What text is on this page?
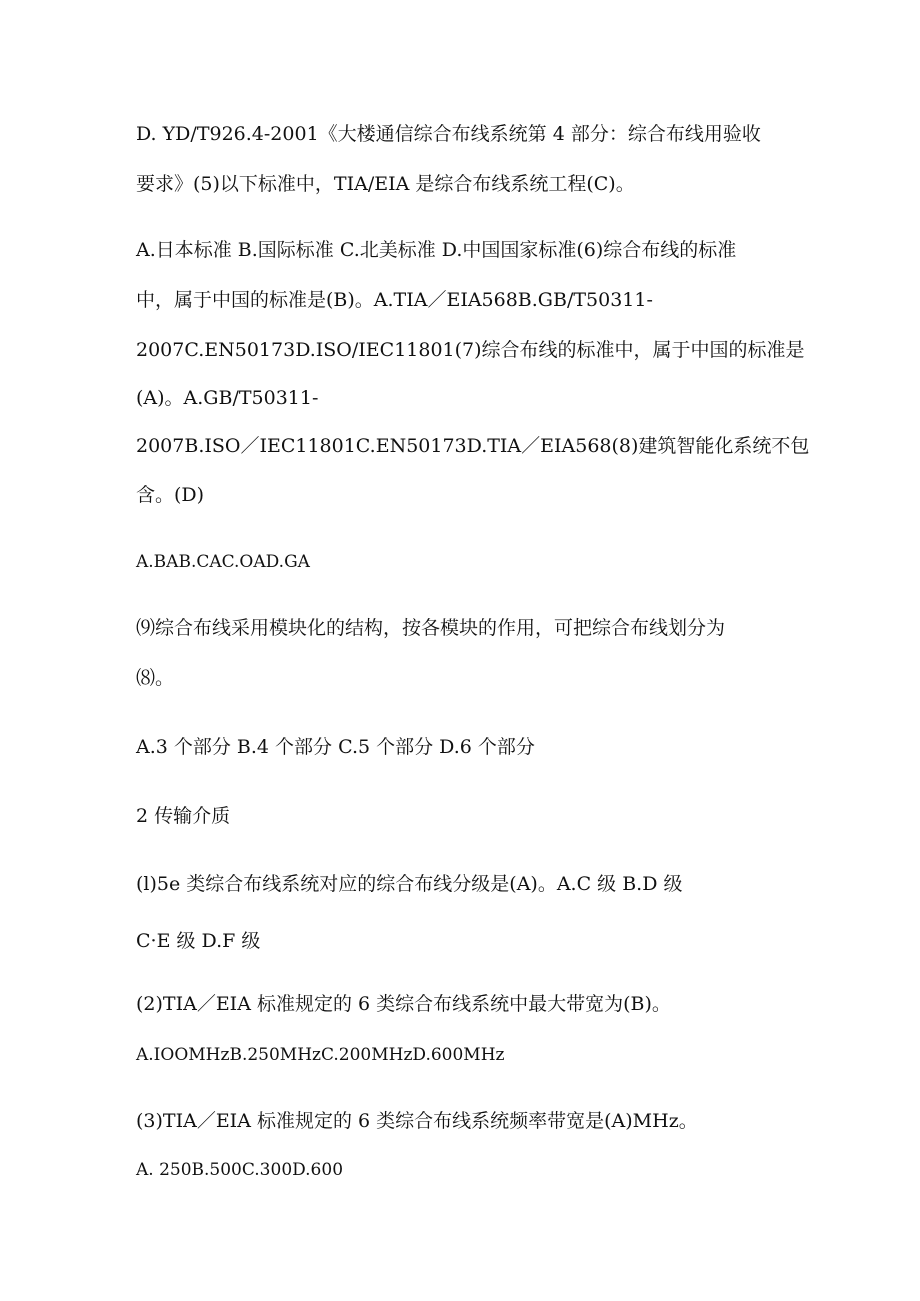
D. YD/T926.4-2001《大楼通信综合布线系统第 4 部分：综合布线用验收
要求》(5)以下标准中，TIA/EIA 是综合布线系统工程(C)。
A.日本标准 B.国际标准 C.北美标准 D.中国国家标准(6)综合布线的标准
中，属于中国的标准是(B)。A.TIA／EIA568B.GB/T50311-
2007C.EN50173D.ISO/IEC11801(7)综合布线的标准中，属于中国的标准是
(A)。A.GB/T50311-
2007B.ISO／IEC11801C.EN50173D.TIA／EIA568(8)建筑智能化系统不包
含。(D)
A.BAB.CAC.OAD.GA
⑼综合布线采用模块化的结构，按各模块的作用，可把综合布线划分为
⑻。
A.3 个部分 B.4 个部分 C.5 个部分 D.6 个部分
2 传输介质
(l)5e 类综合布线系统对应的综合布线分级是(A)。A.C 级 B.D 级
C·E 级 D.F 级
(2)TIA／EIA 标准规定的 6 类综合布线系统中最大带宽为(B)。
A.IOOMHzB.250MHzC.200MHzD.600MHz
(3)TIA／EIA 标准规定的 6 类综合布线系统频率带宽是(A)MHz。
A. 250B.500C.300D.600
